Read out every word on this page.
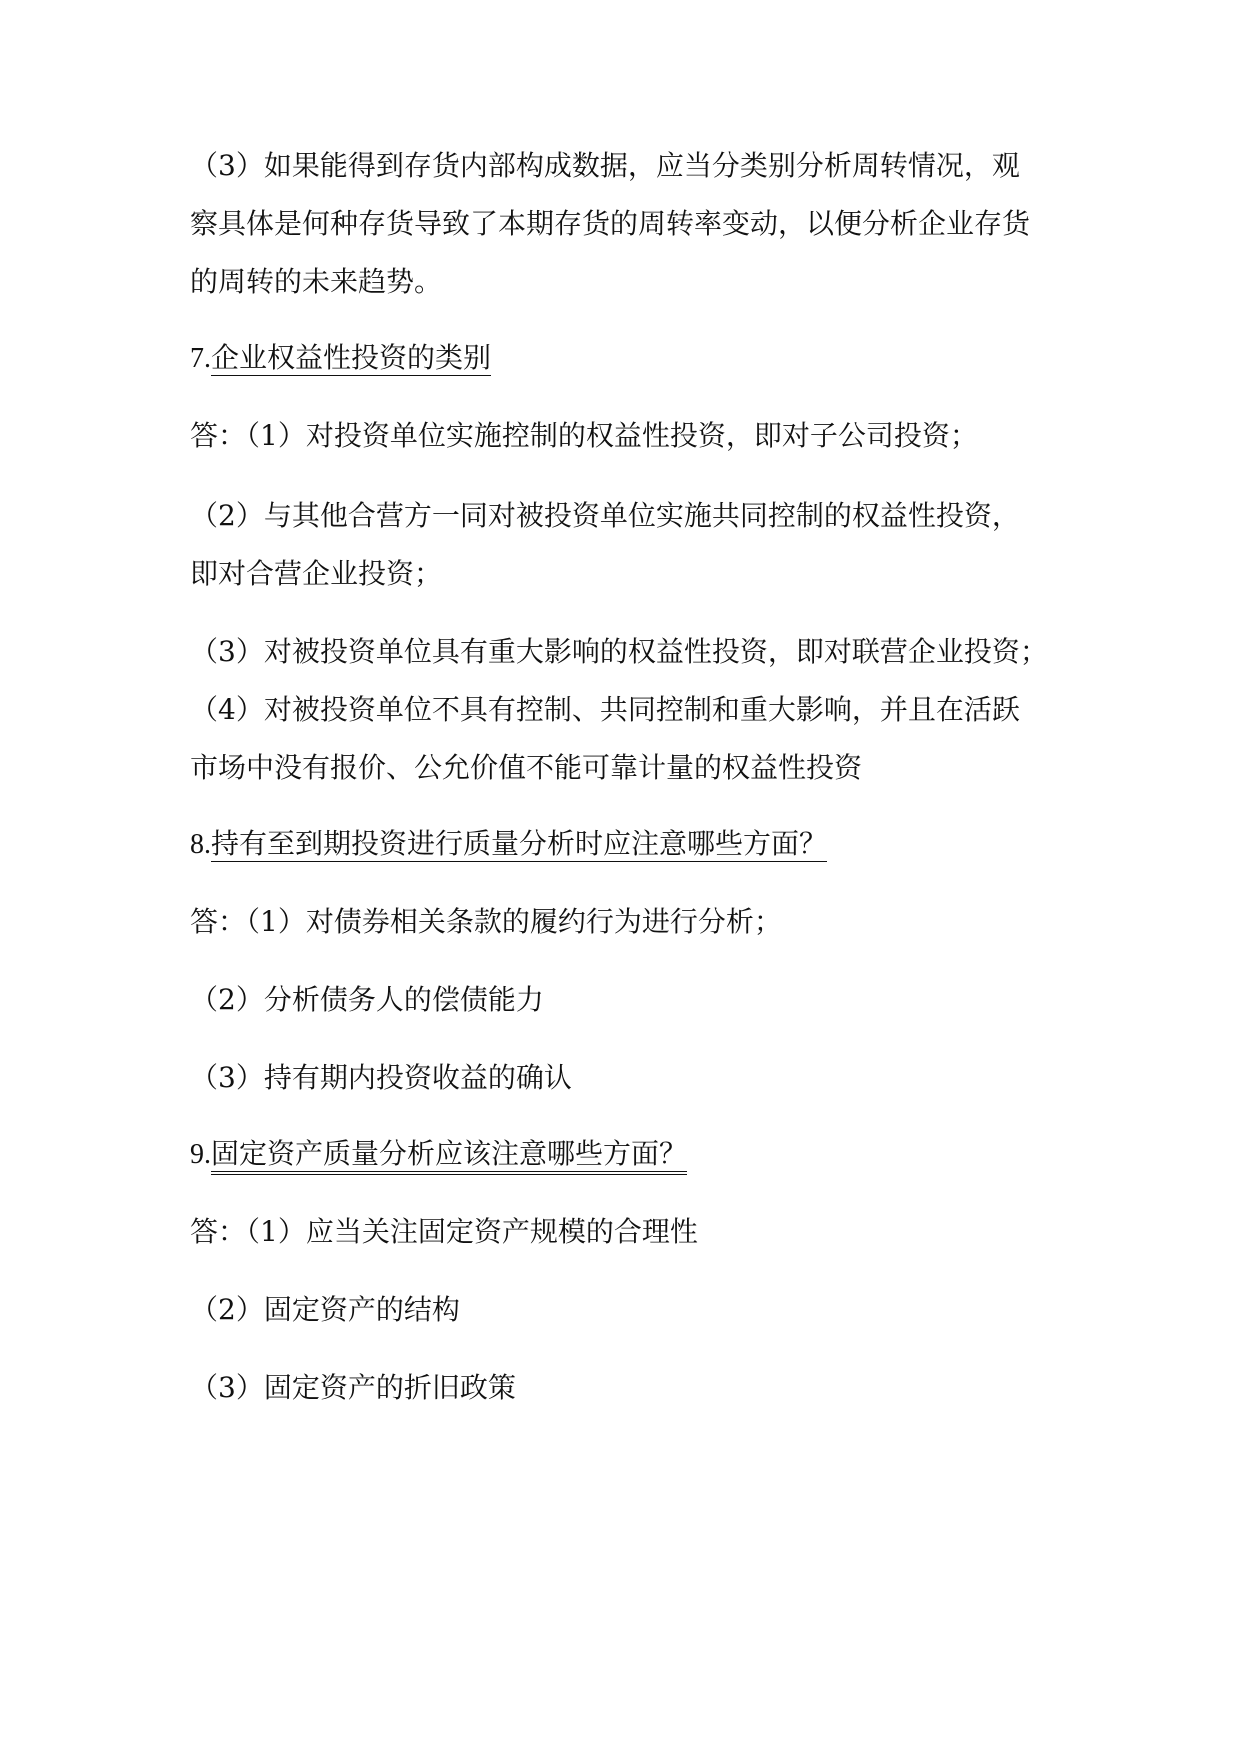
（3）如果能得到存货内部构成数据，应当分类别分析周转情况，观
察具体是何种存货导致了本期存货的周转率变动，以便分析企业存货
的周转的未来趋势。
7.企业权益性投资的类别
答：（1）对投资单位实施控制的权益性投资，即对子公司投资；
（2）与其他合营方一同对被投资单位实施共同控制的权益性投资，
即对合营企业投资；
（3）对被投资单位具有重大影响的权益性投资，即对联营企业投资；
（4）对被投资单位不具有控制、共同控制和重大影响，并且在活跃
市场中没有报价、公允价值不能可靠计量的权益性投资
8.持有至到期投资进行质量分析时应注意哪些方面？
答：（1）对债券相关条款的履约行为进行分析；
（2）分析债务人的偿债能力
（3）持有期内投资收益的确认
9.固定资产质量分析应该注意哪些方面？
答：（1）应当关注固定资产规模的合理性
（2）固定资产的结构
（3）固定资产的折旧政策
